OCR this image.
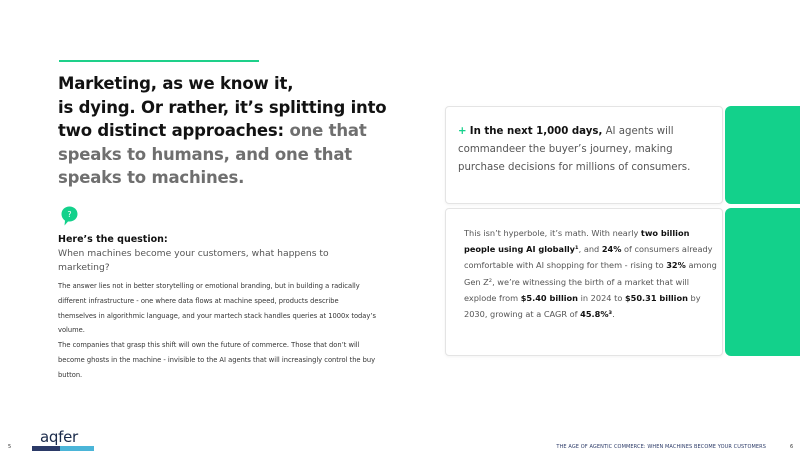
Marketing, as we know it,
is dying. Or rather, it’s splitting into
two distinct approaches: one that
speaks to humans, and one that
speaks to machines.
?
Here’s the question:
When machines become your customers, what happens to marketing?
The answer lies not in better storytelling or emotional branding, but in building a radically different infrastructure - one where data flows at machine speed, products describe themselves in algorithmic language, and your martech stack handles queries at 1000x today’s volume.
The companies that grasp this shift will own the future of commerce. Those that don’t will become ghosts in the machine - invisible to the AI agents that will increasingly control the buy button.
+ In the next 1,000 days, AI agents will commandeer the buyer’s journey, making purchase decisions for millions of consumers.
This isn’t hyperbole, it’s math. With nearly two billion people using AI globally¹, and 24% of consumers already comfortable with AI shopping for them - rising to 32% among Gen Z², we’re witnessing the birth of a market that will explode from $5.40 billion in 2024 to $50.31 billion by 2030, growing at a CAGR of 45.8%³.
aqfer
5	THE AGE OF AGENTIC COMMERCE: WHEN MACHINES BECOME YOUR CUSTOMERS	6
